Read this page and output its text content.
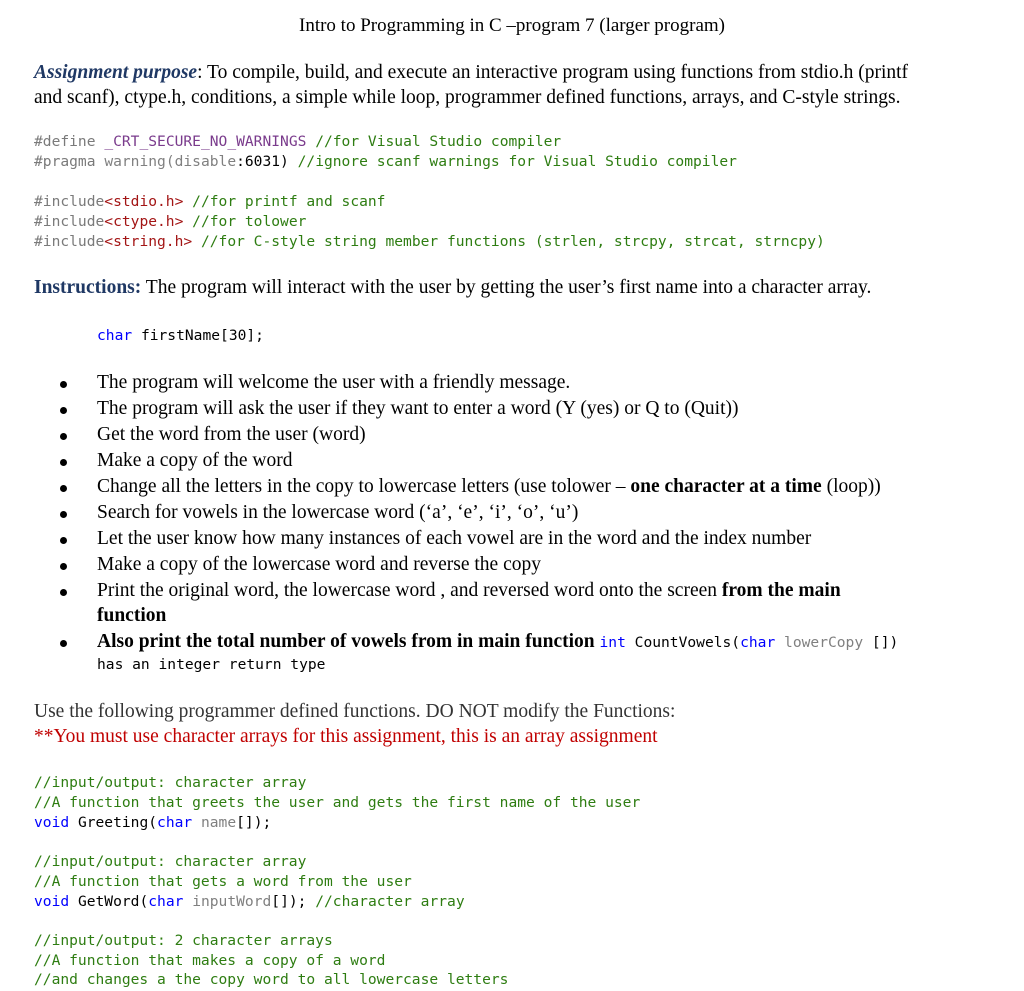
Intro to Programming in C –program 7 (larger program)
Assignment purpose: To compile, build, and execute an interactive program using functions from stdio.h (printf
and scanf), ctype.h, conditions, a simple while loop, programmer defined functions, arrays, and C-style strings.
#define _CRT_SECURE_NO_WARNINGS //for Visual Studio compiler
#pragma warning(disable:6031) //ignore scanf warnings for Visual Studio compiler
#include<stdio.h> //for printf and scanf
#include<ctype.h> //for tolower
#include<string.h> //for C-style string member functions (strlen, strcpy, strcat, strncpy)
Instructions: The program will interact with the user by getting the user’s first name into a character array.
char firstName[30];
The program will welcome the user with a friendly message.
The program will ask the user if they want to enter a word (Y (yes) or Q to (Quit))
Get the word from the user (word)
Make a copy of the word
Change all the letters in the copy to lowercase letters (use tolower – one character at a time (loop))
Search for vowels in the lowercase word (‘a’, ‘e’, ‘i’, ‘o’, ‘u’)
Let the user know how many instances of each vowel are in the word and the index number
Make a copy of the lowercase word and reverse the copy
Print the original word, the lowercase word , and reversed word onto the screen from the main
function
Also print the total number of vowels from in main function int CountVowels(char lowerCopy [])
has an integer return type
Use the following programmer defined functions. DO NOT modify the Functions:
**You must use character arrays for this assignment, this is an array assignment
//input/output: character array
//A function that greets the user and gets the first name of the user
void Greeting(char name[]);
//input/output: character array
//A function that gets a word from the user
void GetWord(char inputWord[]); //character array
//input/output: 2 character arrays
//A function that makes a copy of a word
//and changes a the copy word to all lowercase letters
